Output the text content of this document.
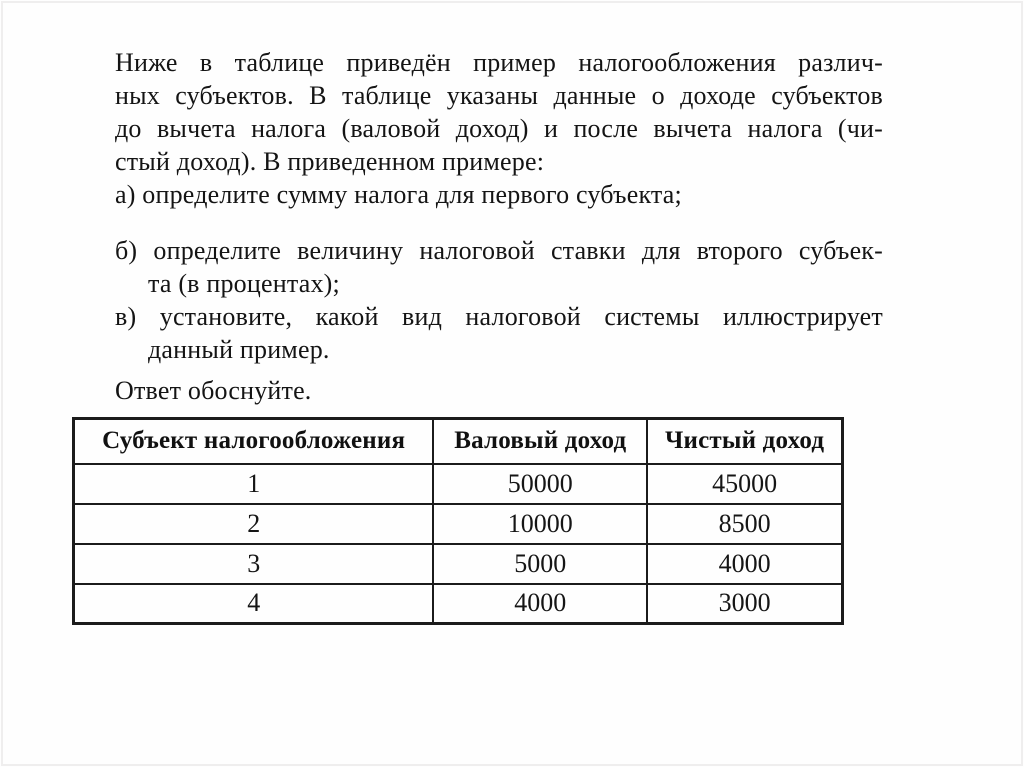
Ниже в таблице приведён пример налогообложения различ-
ных субъектов. В таблице указаны данные о доходе субъектов
до вычета налога (валовой доход) и после вычета налога (чи-
стый доход). В приведенном примере:
а) определите сумму налога для первого субъекта;
б) определите величину налоговой ставки для второго субъек-
та (в процентах);
в) установите, какой вид налоговой системы иллюстрирует
данный пример.
Ответ обоснуйте.
Субъект налогообложения	Валовый доход	Чистый доход
1	50000	45000
2	10000	8500
3	5000	4000
4	4000	3000
